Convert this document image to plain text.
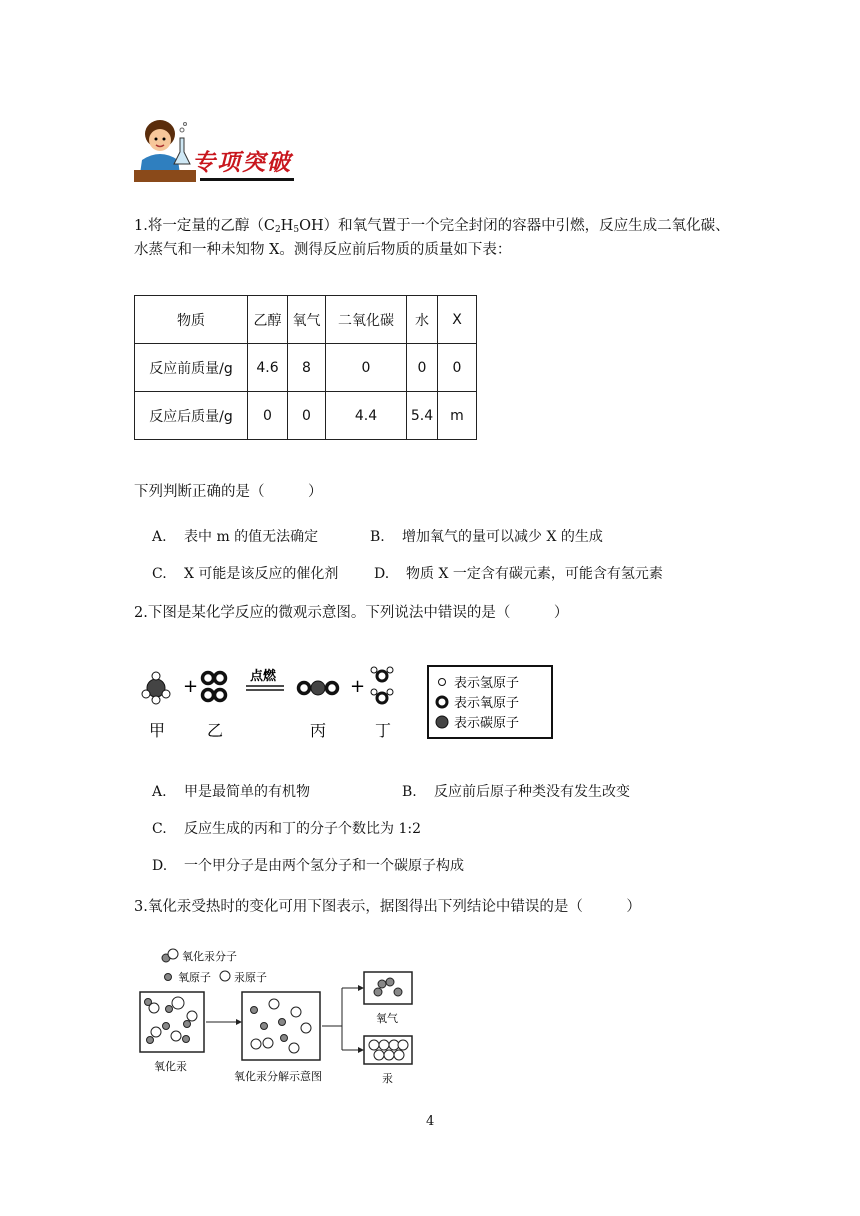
专项突破
1.将一定量的乙醇$(C_2H_5OH)$和氧气置于一个完全封闭的容器中引燃，反应生成二氧化碳、
水蒸气和一种未知物 X。测得反应前后物质的质量如下表：
物质	乙醇	氧气	二氧化碳	水	X
反应前质量/g	4.6	8	0	0	0
反应后质量/g	0	0	4.4	5.4	m
下列判断正确的是（　　　）
A. 表中 m 的值无法确定	B. 增加氧气的量可以减少 X 的生成
C. X 可能是该反应的催化剂	D. 物质 X 一定含有碳元素，可能含有氢元素
2.下图是某化学反应的微观示意图。下列说法中错误的是（　　　）
+	点燃	+
甲	乙	丙	丁
表示氢原子
表示氧原子
表示碳原子
A. 甲是最简单的有机物	B. 反应前后原子种类没有发生改变
C. 反应生成的丙和丁的分子个数比为 1:2
D. 一个甲分子是由两个氢分子和一个碳原子构成
3.氧化汞受热时的变化可用下图表示，据图得出下列结论中错误的是（　　　）
氧化汞分子
氧原子 汞原子
氧化汞
氧化汞分解示意图
氧气
汞
4
